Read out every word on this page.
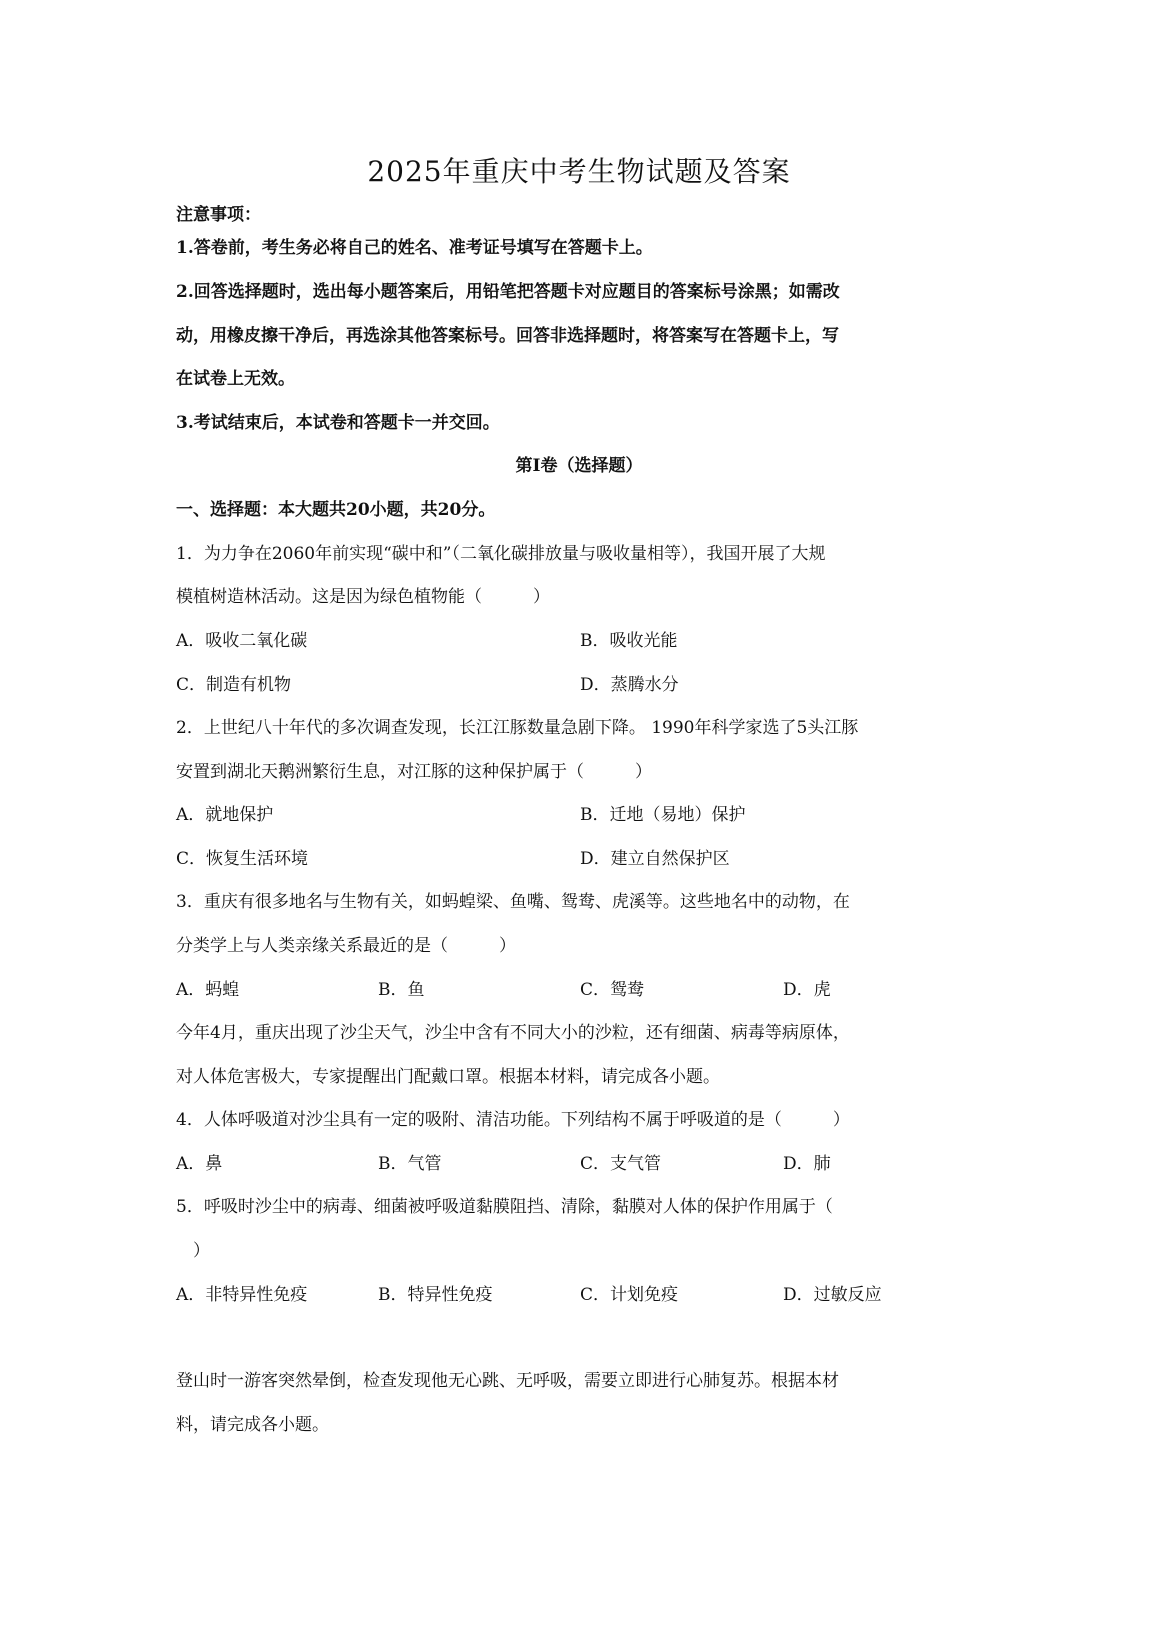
2025年重庆中考生物试题及答案
注意事项：
1.答卷前，考生务必将自己的姓名、准考证号填写在答题卡上。
2.回答选择题时，选出每小题答案后，用铅笔把答题卡对应题目的答案标号涂黑；如需改
动，用橡皮擦干净后，再选涂其他答案标号。回答非选择题时，将答案写在答题卡上，写
在试卷上无效。
3.考试结束后，本试卷和答题卡一并交回。
第Ⅰ卷（选择题）
一、选择题：本大题共20小题，共20分。
1．为力争在2060年前实现“碳中和”（二氧化碳排放量与吸收量相等），我国开展了大规
模植树造林活动。这是因为绿色植物能（　　　）
A．吸收二氧化碳	B．吸收光能
C．制造有机物	D．蒸腾水分
2．上世纪八十年代的多次调查发现，长江江豚数量急剧下降。 1990年科学家选了5头江豚
安置到湖北天鹅洲繁衍生息，对江豚的这种保护属于（　　　）
A．就地保护	B．迁地（易地）保护
C．恢复生活环境	D．建立自然保护区
3．重庆有很多地名与生物有关，如蚂蝗梁、鱼嘴、鸳鸯、虎溪等。这些地名中的动物，在
分类学上与人类亲缘关系最近的是（　　　）
A．蚂蝗	B．鱼	C．鸳鸯	D．虎
今年4月，重庆出现了沙尘天气，沙尘中含有不同大小的沙粒，还有细菌、病毒等病原体，
对人体危害极大，专家提醒出门配戴口罩。根据本材料，请完成各小题。
4．人体呼吸道对沙尘具有一定的吸附、清洁功能。下列结构不属于呼吸道的是（　　　）
A．鼻	B．气管	C．支气管	D．肺
5．呼吸时沙尘中的病毒、细菌被呼吸道黏膜阻挡、清除，黏膜对人体的保护作用属于（
　）
A．非特异性免疫	B．特异性免疫	C．计划免疫	D．过敏反应
登山时一游客突然晕倒，检查发现他无心跳、无呼吸，需要立即进行心肺复苏。根据本材
料，请完成各小题。
